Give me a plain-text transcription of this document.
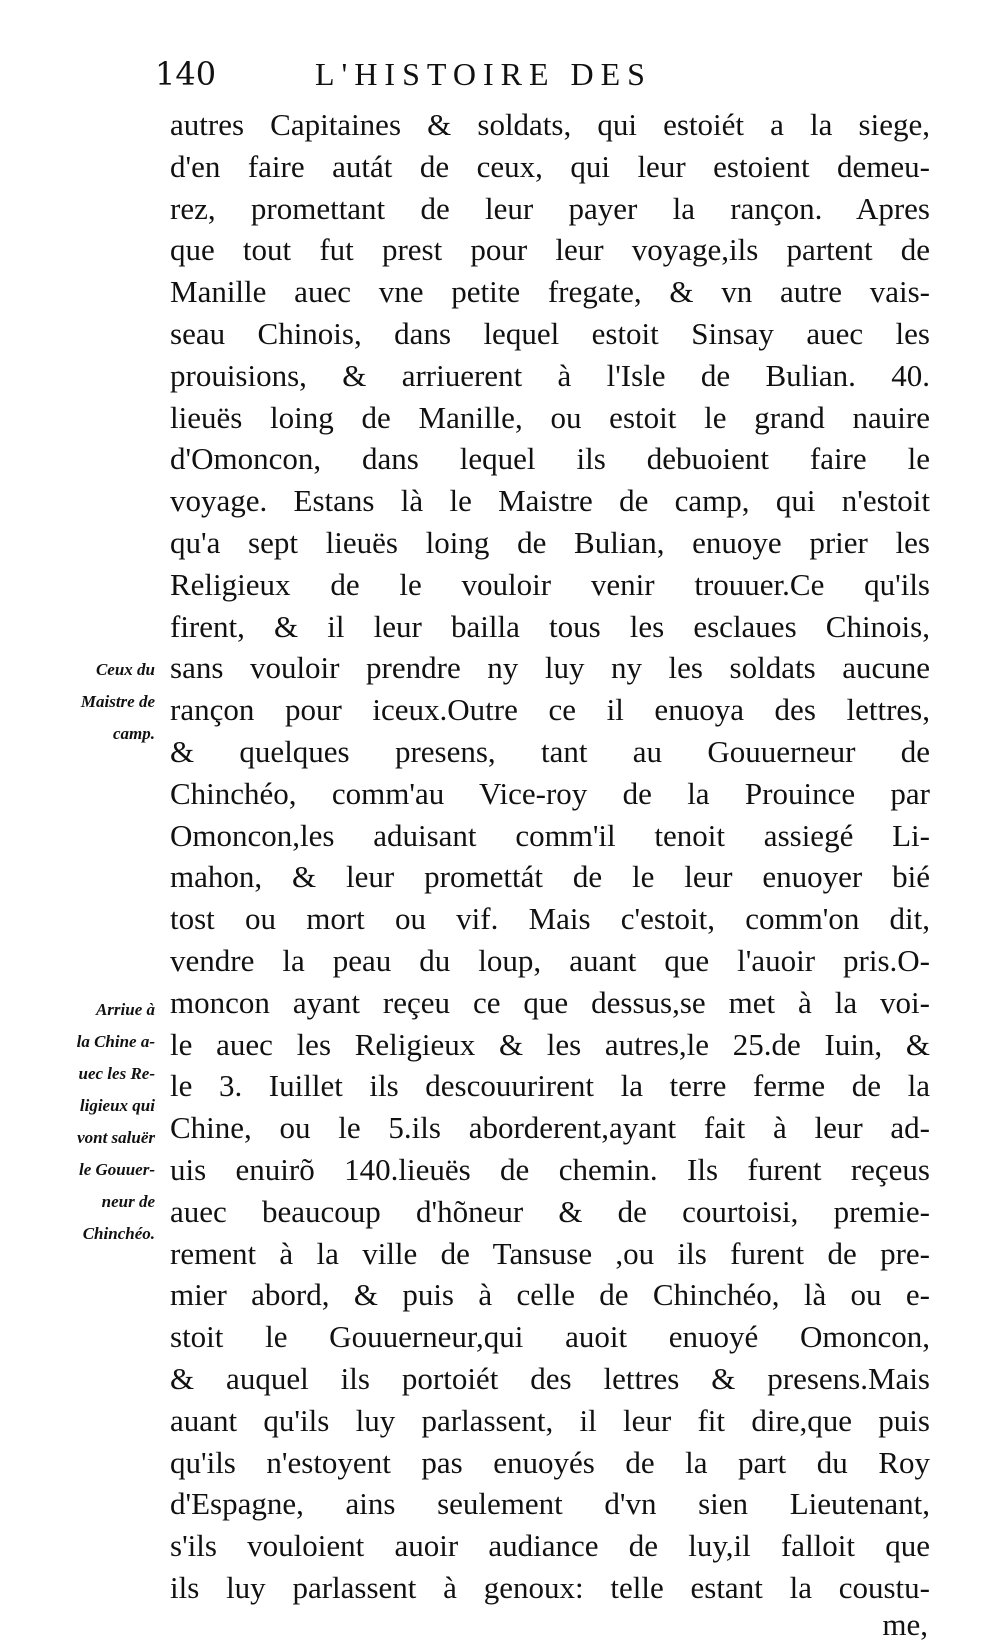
140	L'HISTOIRE DES
autres Capitaines & soldats, qui estoiét a la siege,
d'en faire autát de ceux, qui leur estoient demeu-
rez, promettant de leur payer la rançon. Apres
que tout fut prest pour leur voyage,ils partent de
Manille auec vne petite fregate, & vn autre vais-
seau Chinois, dans lequel estoit Sinsay auec les
prouisions, & arriuerent à l'Isle de Bulian. 40.
lieuës loing de Manille, ou estoit le grand nauire
d'Omoncon, dans lequel ils debuoient faire le
voyage. Estans là le Maistre de camp, qui n'estoit
qu'a sept lieuës loing de Bulian, enuoye prier les
Religieux de le vouloir venir trouuer.Ce qu'ils
firent, & il leur bailla tous les esclaues Chinois,
sans vouloir prendre ny luy ny les soldats aucune
rançon pour iceux.Outre ce il enuoya des lettres,
& quelques presens, tant au Gouuerneur de
Chinchéo, comm'au Vice-roy de la Prouince par
Omoncon,les aduisant comm'il tenoit assiegé Li-
mahon, & leur promettát de le leur enuoyer bié
tost ou mort ou vif. Mais c'estoit, comm'on dit,
vendre la peau du loup, auant que l'auoir pris.O-
moncon ayant reçeu ce que dessus,se met à la voi-
le auec les Religieux & les autres,le 25.de Iuin, &
le 3. Iuillet ils descouurirent la terre ferme de la
Chine, ou le 5.ils aborderent,ayant fait à leur ad-
uis enuirõ 140.lieuës de chemin. Ils furent reçeus
auec beaucoup d'hõneur & de courtoisi, premie-
rement à la ville de Tansuse ,ou ils furent de pre-
mier abord, & puis à celle de Chinchéo, là ou e-
stoit le Gouuerneur,qui auoit enuoyé Omoncon,
& auquel ils portoiét des lettres & presens.Mais
auant qu'ils luy parlassent, il leur fit dire,que puis
qu'ils n'estoyent pas enuoyés de la part du Roy
d'Espagne, ains seulement d'vn sien Lieutenant,
s'ils vouloient auoir audiance de luy,il falloit que
ils luy parlassent à genoux: telle estant la coustu-
me,
Ceux du
Maistre de
camp.
Arriue à
la Chine a-
uec les Re-
ligieux qui
vont saluër
le Gouuer-
neur de
Chinchéo.
